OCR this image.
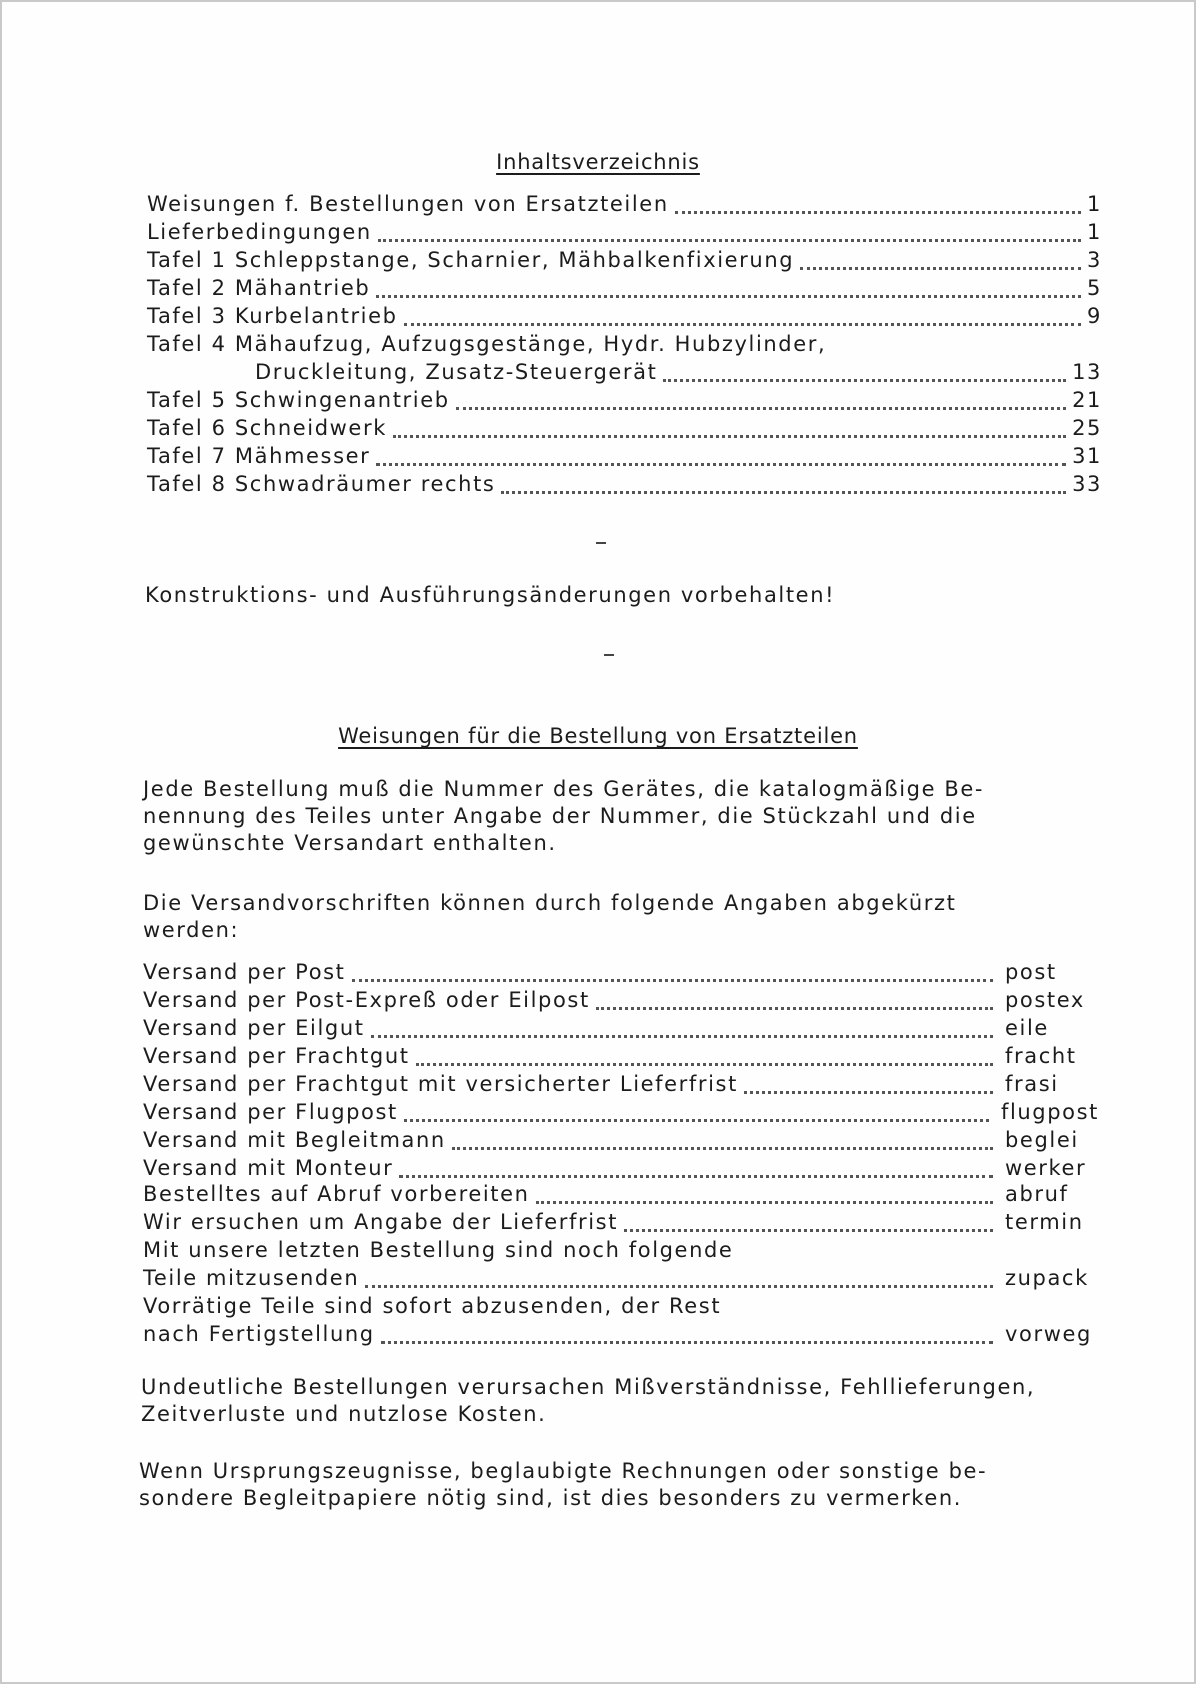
Inhaltsverzeichnis
Weisungen f. Bestellungen von Ersatzteilen	1
Lieferbedingungen	1
Tafel 1 Schleppstange, Scharnier, Mähbalkenfixierung	3
Tafel 2 Mähantrieb	5
Tafel 3 Kurbelantrieb	9
Tafel 4 Mähaufzug, Aufzugsgestänge, Hydr. Hubzylinder,
Druckleitung, Zusatz-Steuergerät	13
Tafel 5 Schwingenantrieb	21
Tafel 6 Schneidwerk	25
Tafel 7 Mähmesser	31
Tafel 8 Schwadräumer rechts	33
Konstruktions- und Ausführungsänderungen vorbehalten!
Weisungen für die Bestellung von Ersatzteilen
Jede Bestellung muß die Nummer des Gerätes, die katalogmäßige Be-
nennung des Teiles unter Angabe der Nummer, die Stückzahl und die
gewünschte Versandart enthalten.
Die Versandvorschriften können durch folgende Angaben abgekürzt
werden:
Versand per Post	post
Versand per Post-Expreß oder Eilpost	postex
Versand per Eilgut	eile
Versand per Frachtgut	fracht
Versand per Frachtgut mit versicherter Lieferfrist	frasi
Versand per Flugpost	flugpost
Versand mit Begleitmann	beglei
Versand mit Monteur	werker
Bestelltes auf Abruf vorbereiten	abruf
Wir ersuchen um Angabe der Lieferfrist	termin
Mit unsere letzten Bestellung sind noch folgende
Teile mitzusenden	zupack
Vorrätige Teile sind sofort abzusenden, der Rest
nach Fertigstellung	vorweg
Undeutliche Bestellungen verursachen Mißverständnisse, Fehllieferungen,
Zeitverluste und nutzlose Kosten.
Wenn Ursprungszeugnisse, beglaubigte Rechnungen oder sonstige be-
sondere Begleitpapiere nötig sind, ist dies besonders zu vermerken.
